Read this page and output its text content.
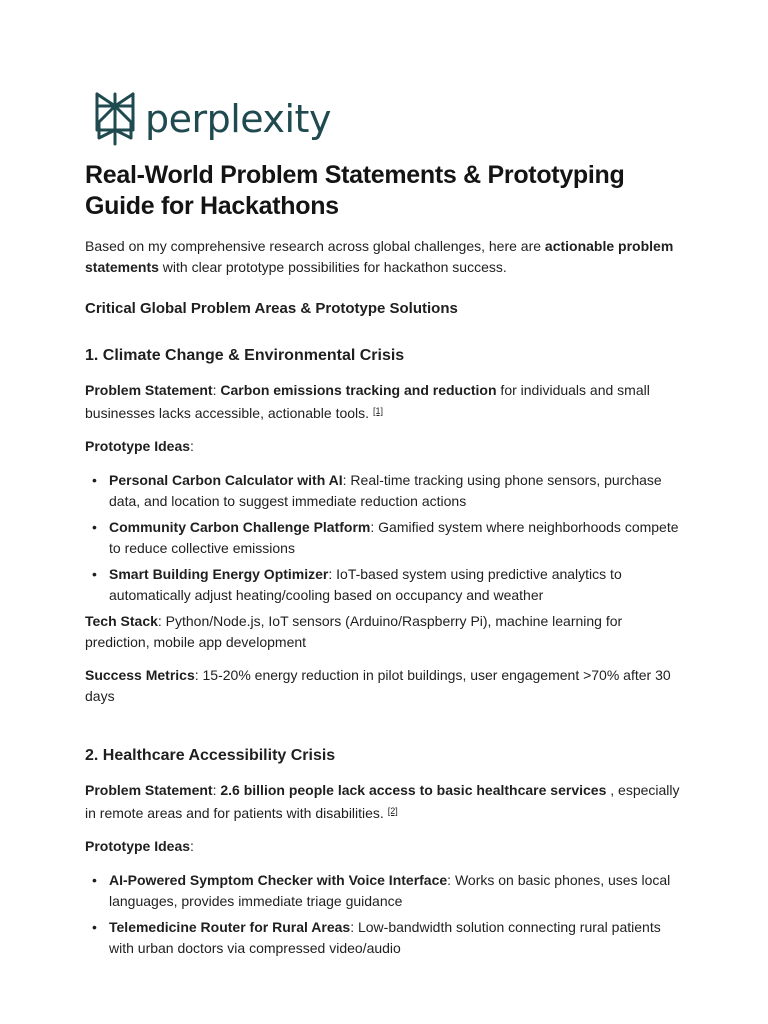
perplexity
Real-World Problem Statements & Prototyping Guide for Hackathons

Based on my comprehensive research across global challenges, here are actionable problem statements with clear prototype possibilities for hackathon success.

Critical Global Problem Areas & Prototype Solutions
1. Climate Change & Environmental Crisis

Problem Statement: Carbon emissions tracking and reduction for individuals and small businesses lacks accessible, actionable tools. [1]

Prototype Ideas:

• Personal Carbon Calculator with AI: Real-time tracking using phone sensors, purchase data, and location to suggest immediate reduction actions
• Community Carbon Challenge Platform: Gamified system where neighborhoods compete to reduce collective emissions
• Smart Building Energy Optimizer: IoT-based system using predictive analytics to automatically adjust heating/cooling based on occupancy and weather

Tech Stack: Python/Node.js, IoT sensors (Arduino/Raspberry Pi), machine learning for prediction, mobile app development

Success Metrics: 15-20% energy reduction in pilot buildings, user engagement >70% after 30 days

2. Healthcare Accessibility Crisis

Problem Statement: 2.6 billion people lack access to basic healthcare services , especially in remote areas and for patients with disabilities. [2]

Prototype Ideas:

• AI-Powered Symptom Checker with Voice Interface: Works on basic phones, uses local languages, provides immediate triage guidance
• Telemedicine Router for Rural Areas: Low-bandwidth solution connecting rural patients with urban doctors via compressed video/audio
